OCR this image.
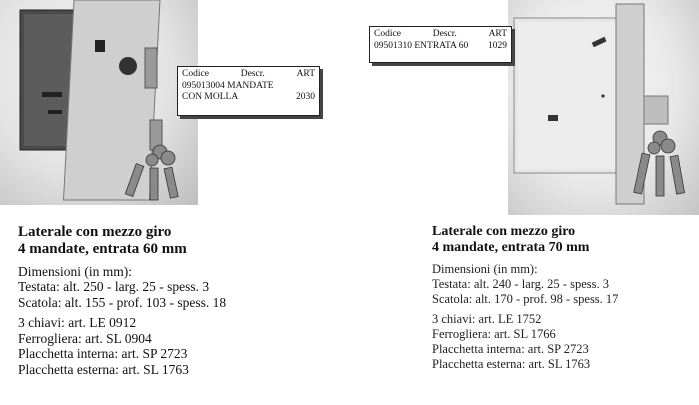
Codice	Descr.	ART
095013004 MANDATE
CON MOLLA	2030
Codice	Descr.	ART
09501310 ENTRATA 60 1029
Laterale con mezzo giro
4 mandate, entrata 60 mm
Dimensioni (in mm):
Testata: alt. 250 - larg. 25 - spess. 3
Scatola: alt. 155 - prof. 103 - spess. 18
3 chiavi: art. LE 0912
Ferrogliera: art. SL 0904
Placchetta interna: art. SP 2723
Placchetta esterna: art. SL 1763
Laterale con mezzo giro
4 mandate, entrata 70 mm
Dimensioni (in mm):
Testata: alt. 240 - larg. 25 - spess. 3
Scatola: alt. 170 - prof. 98 - spess. 17
3 chiavi: art. LE 1752
Ferrogliera: art. SL 1766
Placchetta interna: art. SP 2723
Placchetta esterna: art. SL 1763
